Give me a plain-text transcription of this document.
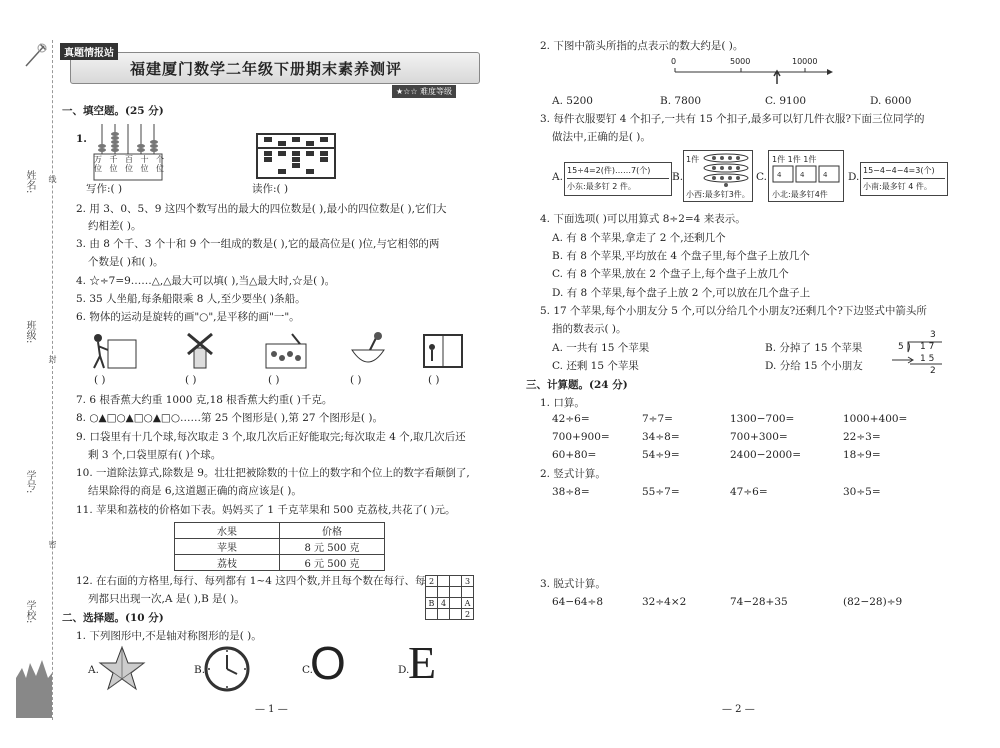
姓名:
班级:
学号:
学校:
线
封
密
真题情报站
福建厦门数学二年级下册期末素养测评
★☆☆ 难度等级
一、填空题。(25 分)
1.
万位
千位
百位
十位
个位
写作:( )	读作:( )
2. 用 3、0、5、9 这四个数写出的最大的四位数是( ),最小的四位数是( ),它们大
约相差( )。
3. 由 8 个千、3 个十和 9 个一组成的数是( ),它的最高位是( )位,与它相邻的两
个数是( )和( )。
4. ☆÷7=9……△,△最大可以填( ),当△最大时,☆是( )。
5. 35 人坐船,每条船限乘 8 人,至少要坐( )条船。
6. 物体的运动是旋转的画"○",是平移的画"一"。
( )	( )	( )	( )	( )
7. 6 根香蕉大约重 1000 克,18 根香蕉大约重( )千克。
8. ○▲□○▲□○▲□○……第 25 个图形是( ),第 27 个图形是( )。
9. 口袋里有十几个球,每次取走 3 个,取几次后正好能取完;每次取走 4 个,取几次后还
剩 3 个,口袋里原有( )个球。
10. 一道除法算式,除数是 9。壮壮把被除数的十位上的数字和个位上的数字看颠倒了,
结果除得的商是 6,这道题正确的商应该是( )。
11. 苹果和荔枝的价格如下表。妈妈买了 1 千克苹果和 500 克荔枝,共花了( )元。
水果	价格
苹果	8 元 500 克
荔枝	6 元 500 克
12. 在右面的方格里,每行、每列都有 1~4 这四个数,并且每个数在每行、每
列都只出现一次,A 是( ),B 是( )。
2			3

B	4		A
			2
二、选择题。(10 分)
1. 下列图形中,不是轴对称图形的是( )。
A.	B.	C.
O	D.
E
— 1 —
2. 下图中箭头所指的点表示的数大约是( )。
0	5000	10000
A. 5200	B. 7800	C. 9100	D. 6000
3. 每件衣服要钉 4 个扣子,一共有 15 个扣子,最多可以钉几件衣服?下面三位同学的
做法中,正确的是( )。
A.
15÷4=2(件)……7(个)
小东:最多钉 2 件。
B.
1件
小西:最多钉3件。
C.
1件 1件 1件
4	4	4
小北:最多钉4件
D.
15−4−4−4=3(个)
小南:最多钉 4 件。
4. 下面选项( )可以用算式 8÷2=4 来表示。
A. 有 8 个苹果,拿走了 2 个,还剩几个
B. 有 8 个苹果,平均放在 4 个盘子里,每个盘子上放几个
C. 有 8 个苹果,放在 2 个盘子上,每个盘子上放几个
D. 有 8 个苹果,每个盘子上放 2 个,可以放在几个盘子上
5. 17 个苹果,每个小朋友分 5 个,可以分给几个小朋友?还剩几个?下边竖式中箭头所
指的数表示( )。
A. 一共有 15 个苹果	B. 分掉了 15 个苹果
C. 还剩 15 个苹果	D. 分给 15 个小朋友
3
5 1 7
1 5
2
三、计算题。(24 分)
1. 口算。
42÷6=	7÷7=	1300−700=	1000+400=
700+900=	34÷8=	700+300=	22÷3=
60+80=	54÷9=	2400−2000=	18÷9=
2. 竖式计算。
38÷8=	55÷7=	47÷6=	30÷5=
3. 脱式计算。
64−64÷8	32÷4×2	74−28+35	(82−28)÷9
— 2 —
